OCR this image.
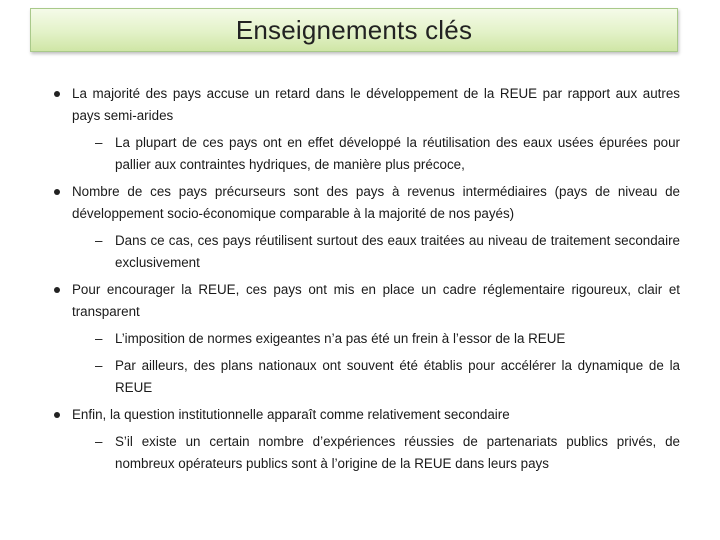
Enseignements clés
La majorité des pays accuse un retard dans le développement de la REUE par rapport aux autres pays semi-arides
– La plupart de ces pays ont en effet développé la réutilisation des eaux usées épurées pour pallier aux contraintes hydriques, de manière plus précoce,
Nombre de ces pays précurseurs sont des pays à revenus intermédiaires (pays de niveau de développement socio-économique comparable à la majorité de nos payés)
– Dans ce cas, ces pays réutilisent surtout des eaux traitées au niveau de traitement secondaire exclusivement
Pour encourager la REUE, ces pays ont mis en place un cadre réglementaire rigoureux, clair et transparent
– L’imposition de normes exigeantes n’a pas été un frein à l’essor de la REUE
– Par ailleurs, des plans nationaux ont souvent été établis pour accélérer la dynamique de la REUE
Enfin, la question institutionnelle apparaît comme relativement secondaire
– S’il existe un certain nombre d’expériences réussies de partenariats publics privés, de nombreux opérateurs publics sont à l’origine de la REUE dans leurs pays
